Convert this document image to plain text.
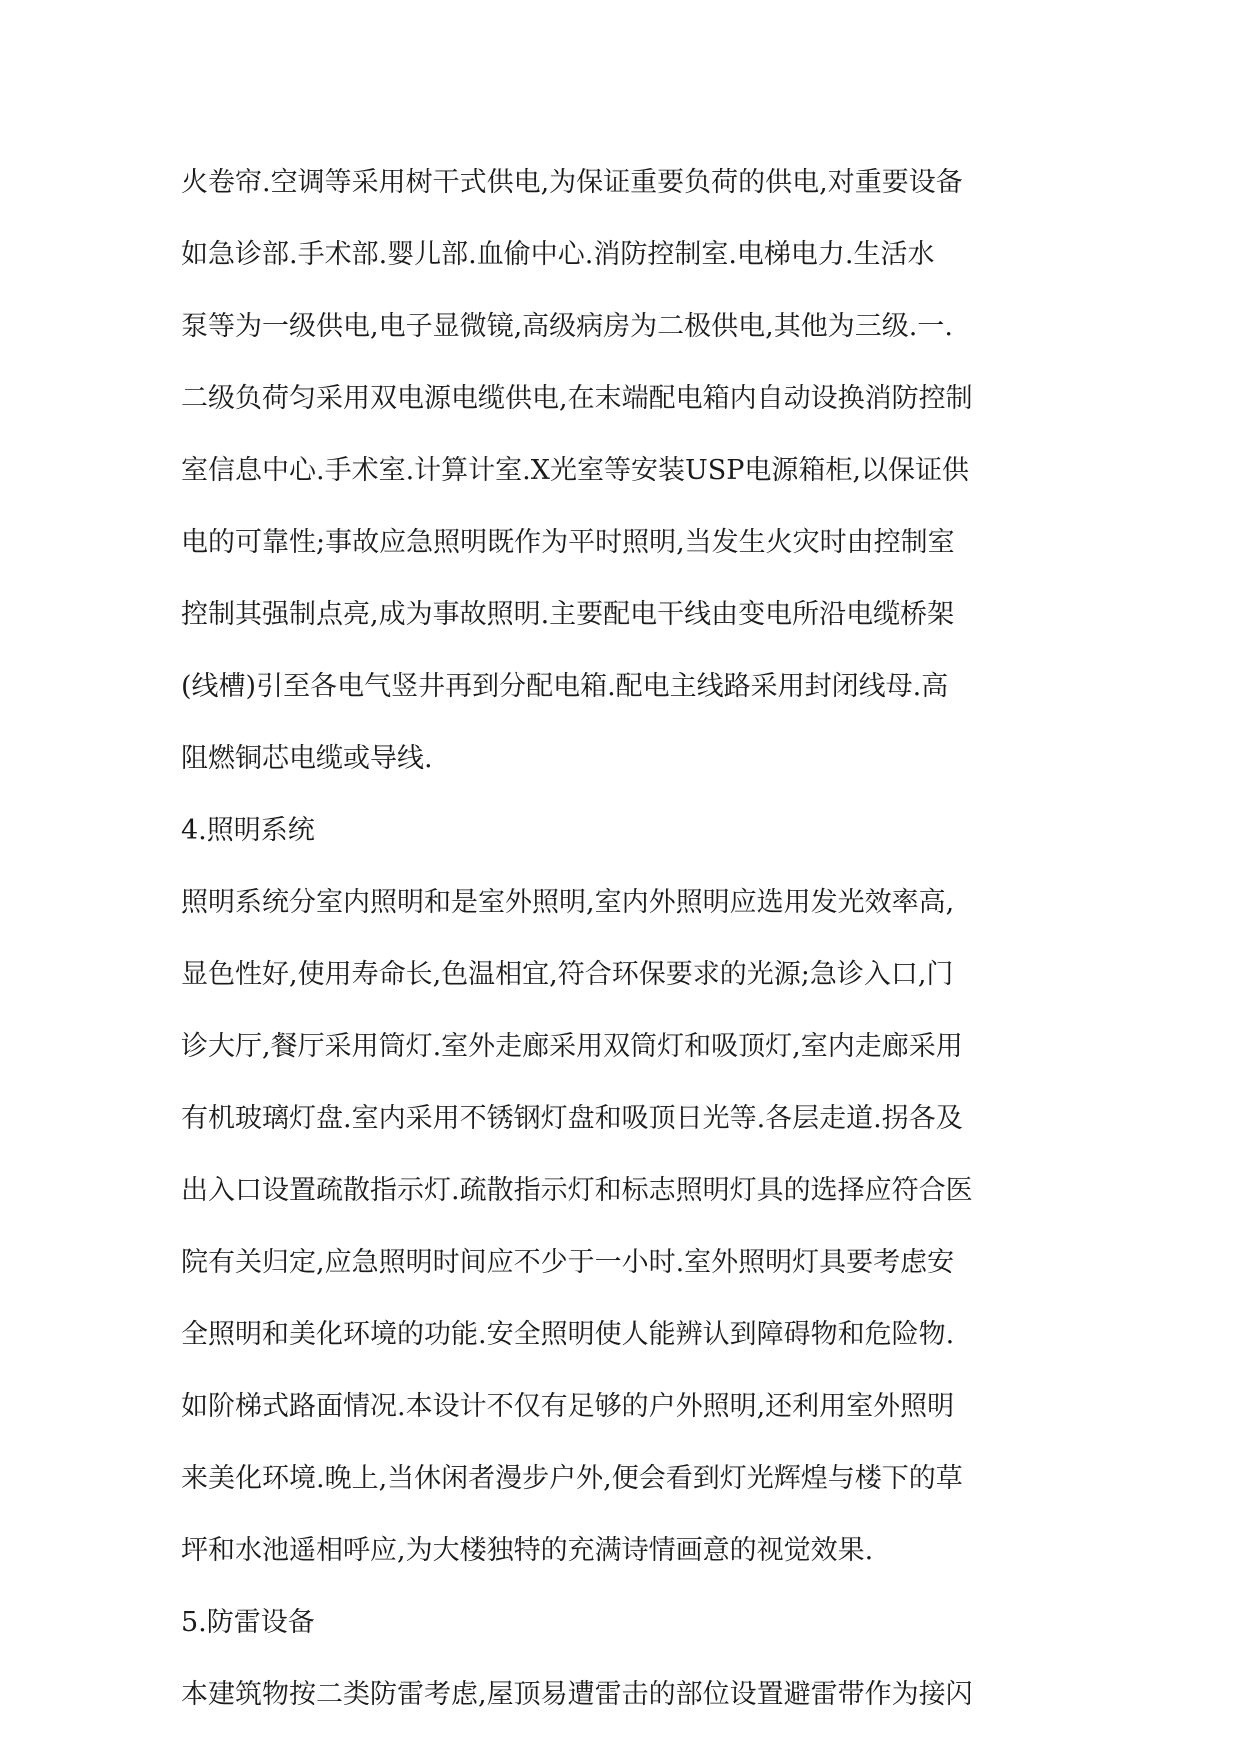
火卷帘.空调等采用树干式供电,为保证重要负荷的供电,对重要设备
如急诊部.手术部.婴儿部.血偷中心.消防控制室.电梯电力.生活水
泵等为一级供电,电子显微镜,高级病房为二极供电,其他为三级.一.
二级负荷匀采用双电源电缆供电,在末端配电箱内自动设换消防控制
室信息中心.手术室.计算计室.X光室等安装USP电源箱柜,以保证供
电的可靠性;事故应急照明既作为平时照明,当发生火灾时由控制室
控制其强制点亮,成为事故照明.主要配电干线由变电所沿电缆桥架
(线槽)引至各电气竖井再到分配电箱.配电主线路采用封闭线母.高
阻燃铜芯电缆或导线.
4.照明系统
照明系统分室内照明和是室外照明,室内外照明应选用发光效率高,
显色性好,使用寿命长,色温相宜,符合环保要求的光源;急诊入口,门
诊大厅,餐厅采用筒灯.室外走廊采用双筒灯和吸顶灯,室内走廊采用
有机玻璃灯盘.室内采用不锈钢灯盘和吸顶日光等.各层走道.拐各及
出入口设置疏散指示灯.疏散指示灯和标志照明灯具的选择应符合医
院有关归定,应急照明时间应不少于一小时.室外照明灯具要考虑安
全照明和美化环境的功能.安全照明使人能辨认到障碍物和危险物.
如阶梯式路面情况.本设计不仅有足够的户外照明,还利用室外照明
来美化环境.晚上,当休闲者漫步户外,便会看到灯光辉煌与楼下的草
坪和水池遥相呼应,为大楼独特的充满诗情画意的视觉效果.
5.防雷设备
本建筑物按二类防雷考虑,屋顶易遭雷击的部位设置避雷带作为接闪
